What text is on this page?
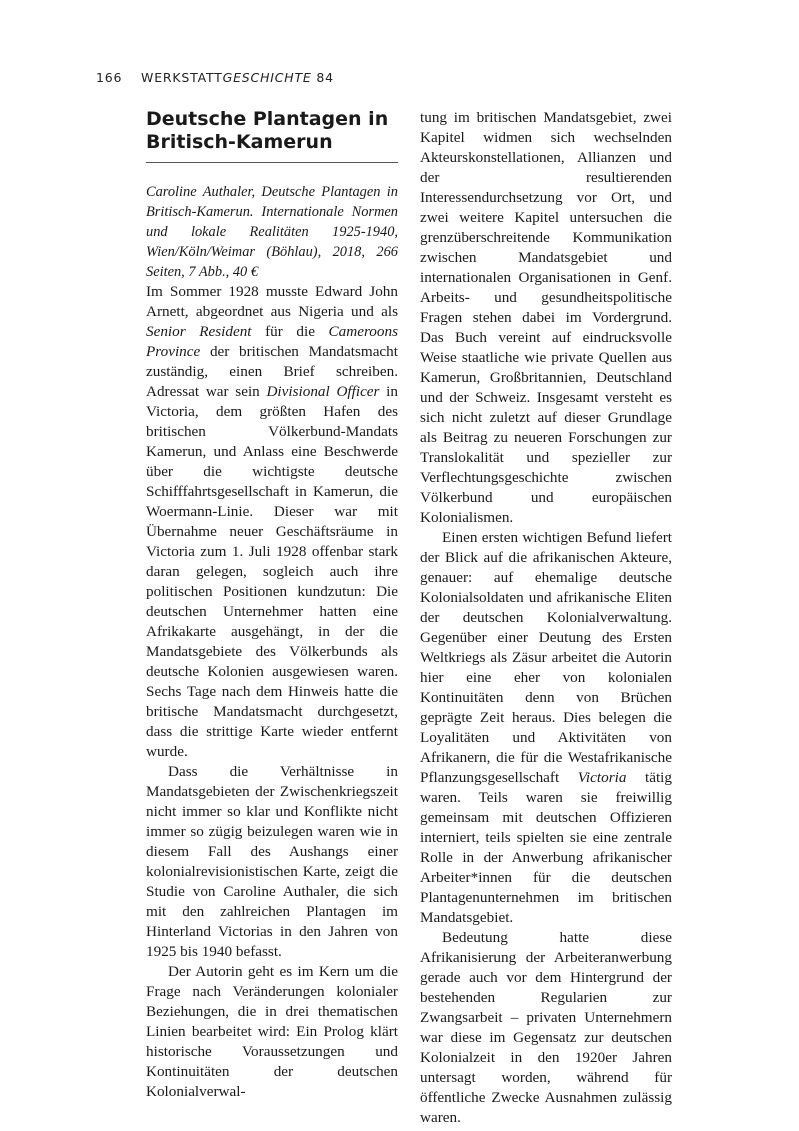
166 WERKSTATTGESCHICHTE 84
Deutsche Plantagen in
Britisch-Kamerun

Caroline Authaler, Deutsche Plantagen in Britisch-Kamerun. Internationale Normen und lokale Realitäten 1925-1940, Wien/Köln/Weimar (Böhlau), 2018, 266 Seiten, 7 Abb., 40 €

Im Sommer 1928 musste Edward John Arnett, abgeordnet aus Nigeria und als Senior Resident für die Cameroons Province der britischen Mandatsmacht zuständig, einen Brief schreiben. Adressat war sein Divisional Officer in Victoria, dem größten Hafen des britischen Völkerbund-Mandats Kamerun, und Anlass eine Beschwerde über die wichtigste deutsche Schifffahrtsgesellschaft in Kamerun, die Woermann-Linie. Dieser war mit Übernahme neuer Geschäftsräume in Victoria zum 1. Juli 1928 offenbar stark daran gelegen, sogleich auch ihre politischen Positionen kundzutun: Die deutschen Unternehmer hatten eine Afrikakarte ausgehängt, in der die Mandatsgebiete des Völkerbunds als deutsche Kolonien ausgewiesen waren. Sechs Tage nach dem Hinweis hatte die britische Mandatsmacht durchgesetzt, dass die strittige Karte wieder entfernt wurde.

Dass die Verhältnisse in Mandatsgebieten der Zwischenkriegszeit nicht immer so klar und Konflikte nicht immer so zügig beizulegen waren wie in diesem Fall des Aushangs einer kolonialrevisionistischen Karte, zeigt die Studie von Caroline Authaler, die sich mit den zahlreichen Plantagen im Hinterland Victorias in den Jahren von 1925 bis 1940 befasst.

Der Autorin geht es im Kern um die Frage nach Veränderungen kolonialer Beziehungen, die in drei thematischen Linien bearbeitet wird: Ein Prolog klärt historische Voraussetzungen und Kontinuitäten der deutschen Kolonialverwal-

tung im britischen Mandatsgebiet, zwei Kapitel widmen sich wechselnden Akteurskonstellationen, Allianzen und der resultierenden Interessendurchsetzung vor Ort, und zwei weitere Kapitel untersuchen die grenzüberschreitende Kommunikation zwischen Mandatsgebiet und internationalen Organisationen in Genf. Arbeits- und gesundheitspolitische Fragen stehen dabei im Vordergrund. Das Buch vereint auf eindrucksvolle Weise staatliche wie private Quellen aus Kamerun, Großbritannien, Deutschland und der Schweiz. Insgesamt versteht es sich nicht zuletzt auf dieser Grundlage als Beitrag zu neueren Forschungen zur Translokalität und spezieller zur Verflechtungsgeschichte zwischen Völkerbund und europäischen Kolonialismen.

Einen ersten wichtigen Befund liefert der Blick auf die afrikanischen Akteure, genauer: auf ehemalige deutsche Kolonialsoldaten und afrikanische Eliten der deutschen Kolonialverwaltung. Gegenüber einer Deutung des Ersten Weltkriegs als Zäsur arbeitet die Autorin hier eine eher von kolonialen Kontinuitäten denn von Brüchen geprägte Zeit heraus. Dies belegen die Loyalitäten und Aktivitäten von Afrikanern, die für die Westafrikanische Pflanzungsgesellschaft Victoria tätig waren. Teils waren sie freiwillig gemeinsam mit deutschen Offizieren interniert, teils spielten sie eine zentrale Rolle in der Anwerbung afrikanischer Arbeiter*innen für die deutschen Plantagenunternehmen im britischen Mandatsgebiet.

Bedeutung hatte diese Afrikanisierung der Arbeiteranwerbung gerade auch vor dem Hintergrund der bestehenden Regularien zur Zwangsarbeit – privaten Unternehmern war diese im Gegensatz zur deutschen Kolonialzeit in den 1920er Jahren untersagt worden, während für öffentliche Zwecke Ausnahmen zulässig waren.
